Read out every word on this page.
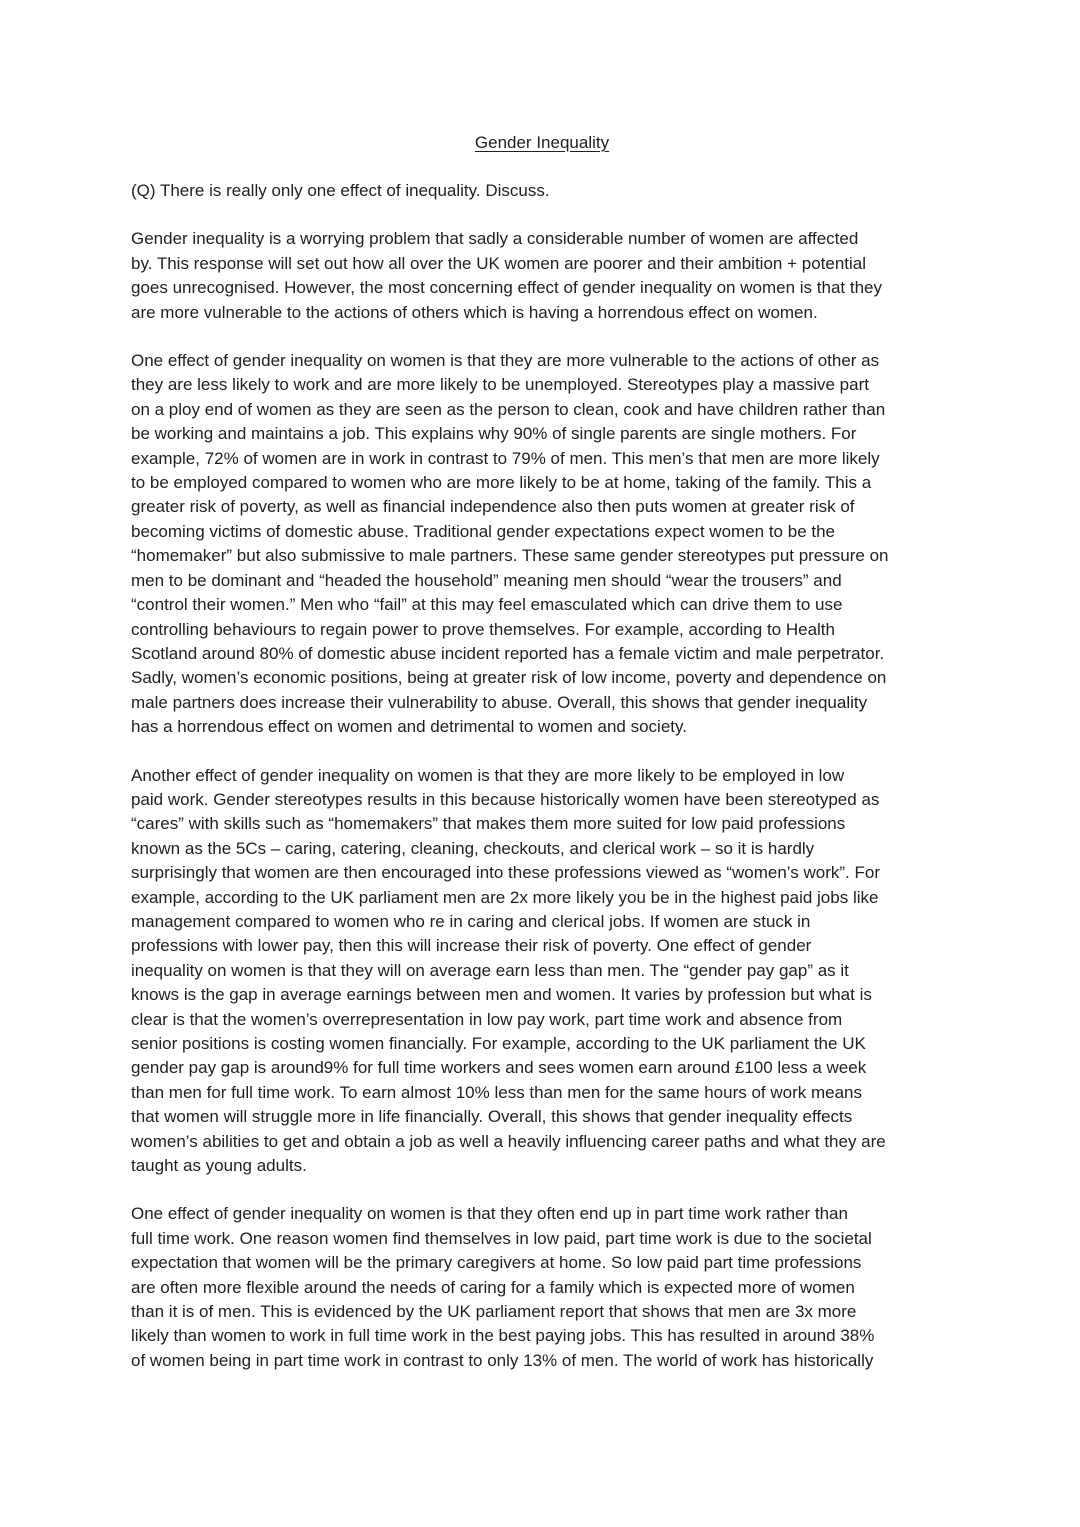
Gender Inequality
(Q) There is really only one effect of inequality. Discuss.
Gender inequality is a worrying problem that sadly a considerable number of women are affected
by. This response will set out how all over the UK women are poorer and their ambition + potential
goes unrecognised. However, the most concerning effect of gender inequality on women is that they
are more vulnerable to the actions of others which is having a horrendous effect on women.
One effect of gender inequality on women is that they are more vulnerable to the actions of other as
they are less likely to work and are more likely to be unemployed. Stereotypes play a massive part
on a ploy end of women as they are seen as the person to clean, cook and have children rather than
be working and maintains a job. This explains why 90% of single parents are single mothers. For
example, 72% of women are in work in contrast to 79% of men. This men’s that men are more likely
to be employed compared to women who are more likely to be at home, taking of the family. This a
greater risk of poverty, as well as financial independence also then puts women at greater risk of
becoming victims of domestic abuse. Traditional gender expectations expect women to be the
“homemaker” but also submissive to male partners. These same gender stereotypes put pressure on
men to be dominant and “headed the household” meaning men should “wear the trousers” and
“control their women.” Men who “fail” at this may feel emasculated which can drive them to use
controlling behaviours to regain power to prove themselves. For example, according to Health
Scotland around 80% of domestic abuse incident reported has a female victim and male perpetrator.
Sadly, women’s economic positions, being at greater risk of low income, poverty and dependence on
male partners does increase their vulnerability to abuse. Overall, this shows that gender inequality
has a horrendous effect on women and detrimental to women and society.
Another effect of gender inequality on women is that they are more likely to be employed in low
paid work. Gender stereotypes results in this because historically women have been stereotyped as
“cares” with skills such as “homemakers” that makes them more suited for low paid professions
known as the 5Cs – caring, catering, cleaning, checkouts, and clerical work – so it is hardly
surprisingly that women are then encouraged into these professions viewed as “women’s work”. For
example, according to the UK parliament men are 2x more likely you be in the highest paid jobs like
management compared to women who re in caring and clerical jobs. If women are stuck in
professions with lower pay, then this will increase their risk of poverty. One effect of gender
inequality on women is that they will on average earn less than men. The “gender pay gap” as it
knows is the gap in average earnings between men and women. It varies by profession but what is
clear is that the women’s overrepresentation in low pay work, part time work and absence from
senior positions is costing women financially. For example, according to the UK parliament the UK
gender pay gap is around9% for full time workers and sees women earn around £100 less a week
than men for full time work. To earn almost 10% less than men for the same hours of work means
that women will struggle more in life financially. Overall, this shows that gender inequality effects
women’s abilities to get and obtain a job as well a heavily influencing career paths and what they are
taught as young adults.
One effect of gender inequality on women is that they often end up in part time work rather than
full time work. One reason women find themselves in low paid, part time work is due to the societal
expectation that women will be the primary caregivers at home. So low paid part time professions
are often more flexible around the needs of caring for a family which is expected more of women
than it is of men. This is evidenced by the UK parliament report that shows that men are 3x more
likely than women to work in full time work in the best paying jobs. This has resulted in around 38%
of women being in part time work in contrast to only 13% of men. The world of work has historically
